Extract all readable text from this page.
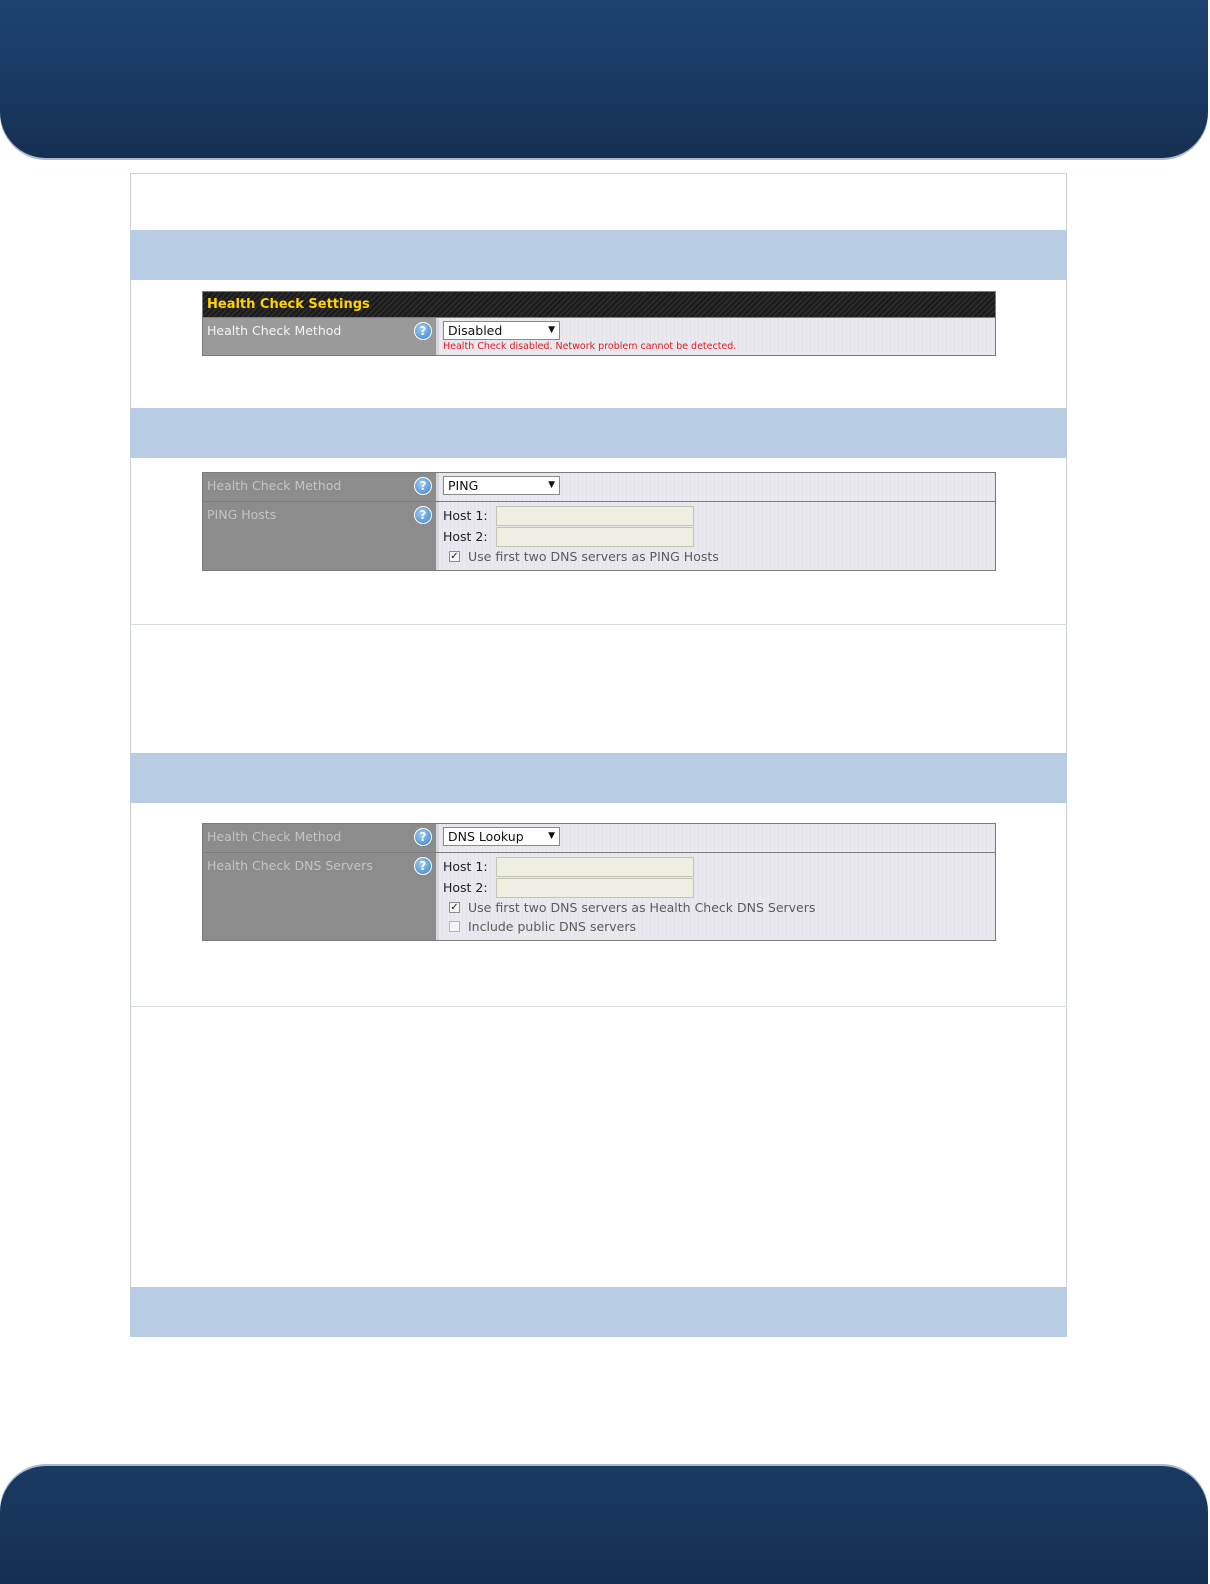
Health Check Settings
Health Check Method	?	Disabled	▼
Health Check disabled. Network problem cannot be detected.
Health Check Method	?	PING	▼
PING Hosts	?	Host 1:
Host 2:
✓ Use first two DNS servers as PING Hosts
Health Check Method	?	DNS Lookup	▼
Health Check DNS Servers	?	Host 1:
Host 2:
✓ Use first two DNS servers as Health Check DNS Servers
Include public DNS servers
